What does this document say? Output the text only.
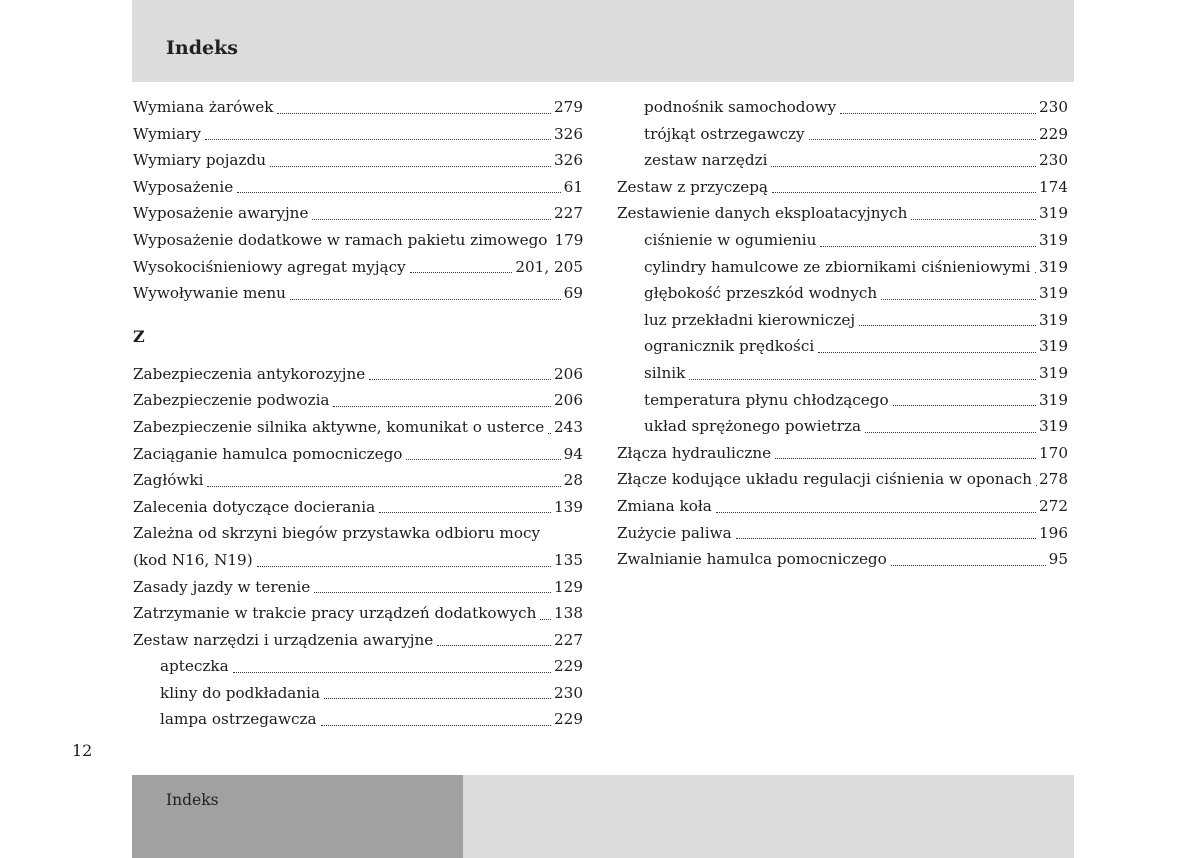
Indeks
Wymiana żarówek	279
Wymiary	326
Wymiary pojazdu	326
Wyposażenie	61
Wyposażenie awaryjne	227
Wyposażenie dodatkowe w ramach pakietu zimowego 179
Wysokociśnieniowy agregat myjący	201, 205
Wywoływanie menu	69
Z
Zabezpieczenia antykorozyjne	206
Zabezpieczenie podwozia	206
Zabezpieczenie silnika aktywne, komunikat o usterce 243
Zaciąganie hamulca pomocniczego	94
Zagłówki	28
Zalecenia dotyczące docierania	139
Zależna od skrzyni biegów przystawka odbioru mocy
(kod N16, N19)	135
Zasady jazdy w terenie	129
Zatrzymanie w trakcie pracy urządzeń dodatkowych 138
Zestaw narzędzi i urządzenia awaryjne	227
apteczka	229
kliny do podkładania	230
lampa ostrzegawcza	229
podnośnik samochodowy	230
trójkąt ostrzegawczy	229
zestaw narzędzi	230
Zestaw z przyczepą	174
Zestawienie danych eksploatacyjnych	319
ciśnienie w ogumieniu	319
cylindry hamulcowe ze zbiornikami ciśnieniowymi 319
głębokość przeszkód wodnych	319
luz przekładni kierowniczej	319
ogranicznik prędkości	319
silnik	319
temperatura płynu chłodzącego	319
układ sprężonego powietrza	319
Złącza hydrauliczne	170
Złącze kodujące układu regulacji ciśnienia w oponach 278
Zmiana koła	272
Zużycie paliwa	196
Zwalnianie hamulca pomocniczego	95
12
Indeks
